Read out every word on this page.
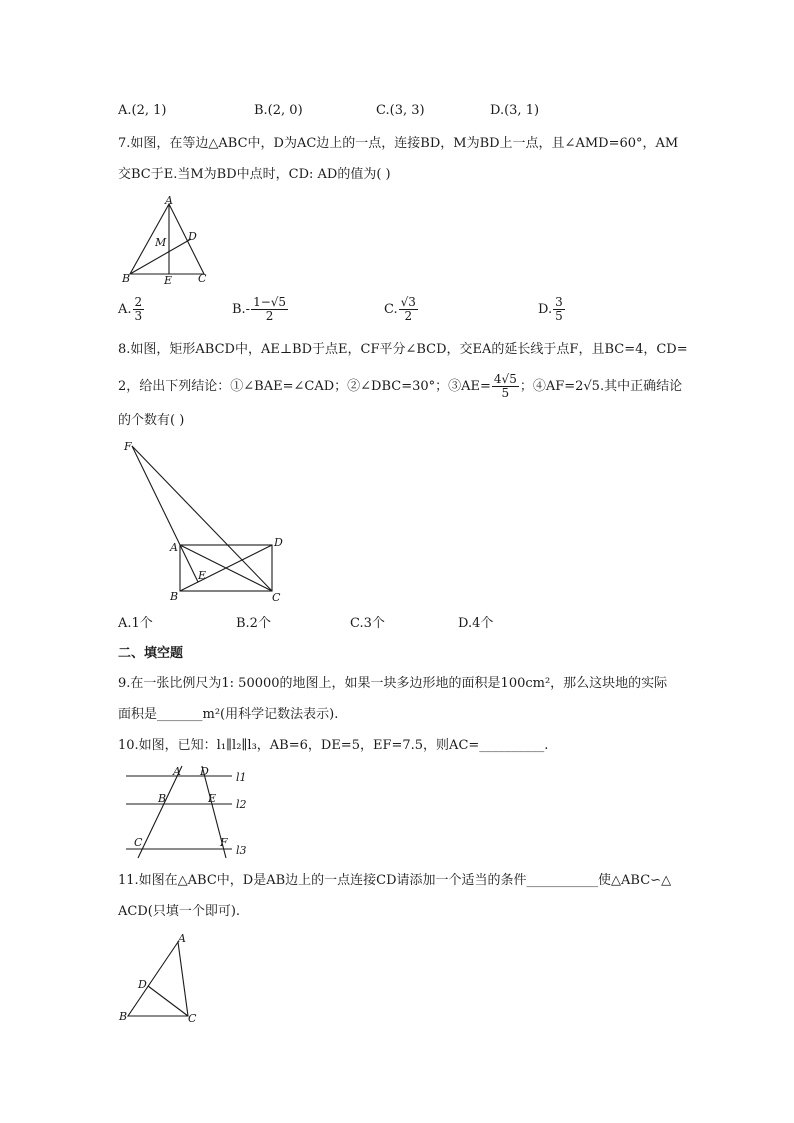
A.(2, 1)	B.(2, 0)	C.(3, 3)	D.(3, 1)
7.如图，在等边△ABC中，D为AC边上的一点，连接BD，M为BD上一点，且∠AMD=60°，AM
交BC于E.当M为BD中点时，CD: AD的值为( )
A
D
M
B	E C
A. $\frac{2}{3}$	$B.- \frac{1-√5}{2}$	C. $\frac{√3}{2}$	D. $\frac{3}{5}$
8.如图，矩形ABCD中，AE⊥BD于点E，CF平分∠BCD，交EA的延长线于点F，且BC=4，CD=
2，给出下列结论：①∠BAE=∠CAD；②∠DBC=30°；③AE= $\frac{4√5}{5}$ ；④AF=2√5.其中正确结论
的个数有( )
F
A	D
E
B	C
A.1个	B.2个	C.3个	D.4个
二、填空题
9.在一张比例尺为1: 50000的地图上，如果一块多边形地的面积是100cm²，那么这块地的实际
面积是_______m²(用科学记数法表示).
10.如图，已知：l₁∥l₂∥l₃，AB=6，DE=5，EF=7.5，则AC=__________.
A D l1
B	E l2
C	F
l3
11.如图在△ABC中，D是AB边上的一点连接CD请添加一个适当的条件___________使△ABC∽△
ACD(只填一个即可).
A
D
B	C
